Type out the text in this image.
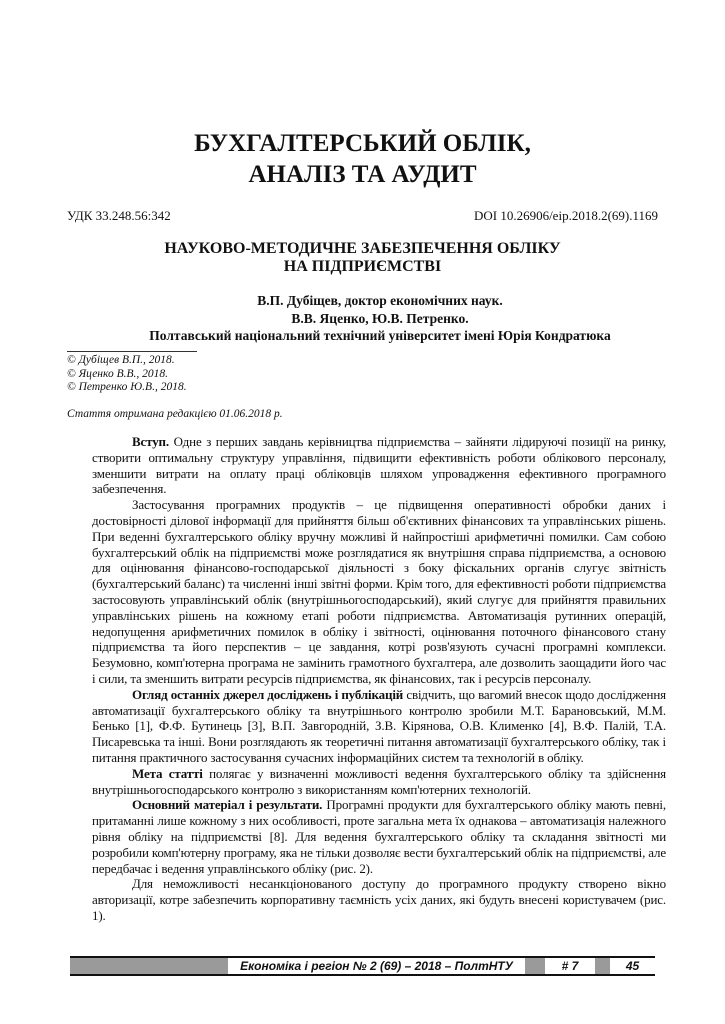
БУХГАЛТЕРСЬКИЙ ОБЛІК,
АНАЛІЗ ТА АУДИТ
УДК 33.248.56:342	DOI 10.26906/eip.2018.2(69).1169
НАУКОВО-МЕТОДИЧНЕ ЗАБЕЗПЕЧЕННЯ ОБЛІКУ
НА ПІДПРИЄМСТВІ
В.П. Дубіщев, доктор економічних наук.
В.В. Яценко, Ю.В. Петренко.
Полтавський національний технічний університет імені Юрія Кондратюка
© Дубіщев В.П., 2018.
© Яценко В.В., 2018.
© Петренко Ю.В., 2018.
Стаття отримана редакцією 01.06.2018 р.

Вступ. Одне з перших завдань керівництва підприємства – зайняти лідируючі позиції на ринку, створити оптимальну структуру управління, підвищити ефективність роботи облікового персоналу, зменшити витрати на оплату праці обліковців шляхом упровадження ефективного програмного забезпечення.

Застосування програмних продуктів – це підвищення оперативності обробки даних і достовірності ділової інформації для прийняття більш об'єктивних фінансових та управлінських рішень. При веденні бухгалтерського обліку вручну можливі й найпростіші арифметичні помилки. Сам собою бухгалтерський облік на підприємстві може розглядатися як внутрішня справа підприємства, а основою для оцінювання фінансово-господарської діяльності з боку фіскальних органів слугує звітність (бухгалтерський баланс) та численні інші звітні форми. Крім того, для ефективності роботи підприємства застосовують управлінський облік (внутрішньогосподарський), який слугує для прийняття правильних управлінських рішень на кожному етапі роботи підприємства. Автоматизація рутинних операцій, недопущення арифметичних помилок в обліку і звітності, оцінювання поточного фінансового стану підприємства та його перспектив – це завдання, котрі розв'язують сучасні програмні комплекси. Безумовно, комп'ютерна програма не замінить грамотного бухгалтера, але дозволить заощадити його час і сили, та зменшить витрати ресурсів підприємства, як фінансових, так і ресурсів персоналу.

Огляд останніх джерел досліджень і публікацій свідчить, що вагомий внесок щодо дослідження автоматизації бухгалтерського обліку та внутрішнього контролю зробили М.Т. Барановський, М.М. Бенько [1], Ф.Ф. Бутинець [3], В.П. Завгородній, З.В. Кірянова, О.В. Клименко [4], В.Ф. Палій, Т.А. Писаревська та інші. Вони розглядають як теоретичні питання автоматизації бухгалтерського обліку, так і питання практичного застосування сучасних інформаційних систем та технологій в обліку.

Мета статті полягає у визначенні можливості ведення бухгалтерського обліку та здійснення внутрішньогосподарського контролю з використанням комп'ютерних технологій.

Основний матеріал і результати. Програмні продукти для бухгалтерського обліку мають певні, притаманні лише кожному з них особливості, проте загальна мета їх однакова – автоматизація належного рівня обліку на підприємстві [8]. Для ведення бухгалтерського обліку та складання звітності ми розробили комп'ютерну програму, яка не тільки дозволяє вести бухгалтерський облік на підприємстві, але передбачає і ведення управлінського обліку (рис. 2).

Для неможливості несанкціонованого доступу до програмного продукту створено вікно авторизації, котре забезпечить корпоративну таємність усіх даних, які будуть внесені користувачем (рис. 1).

Економіка і регіон № 2 (69) – 2018 – ПолтНТУ	# 7	45
